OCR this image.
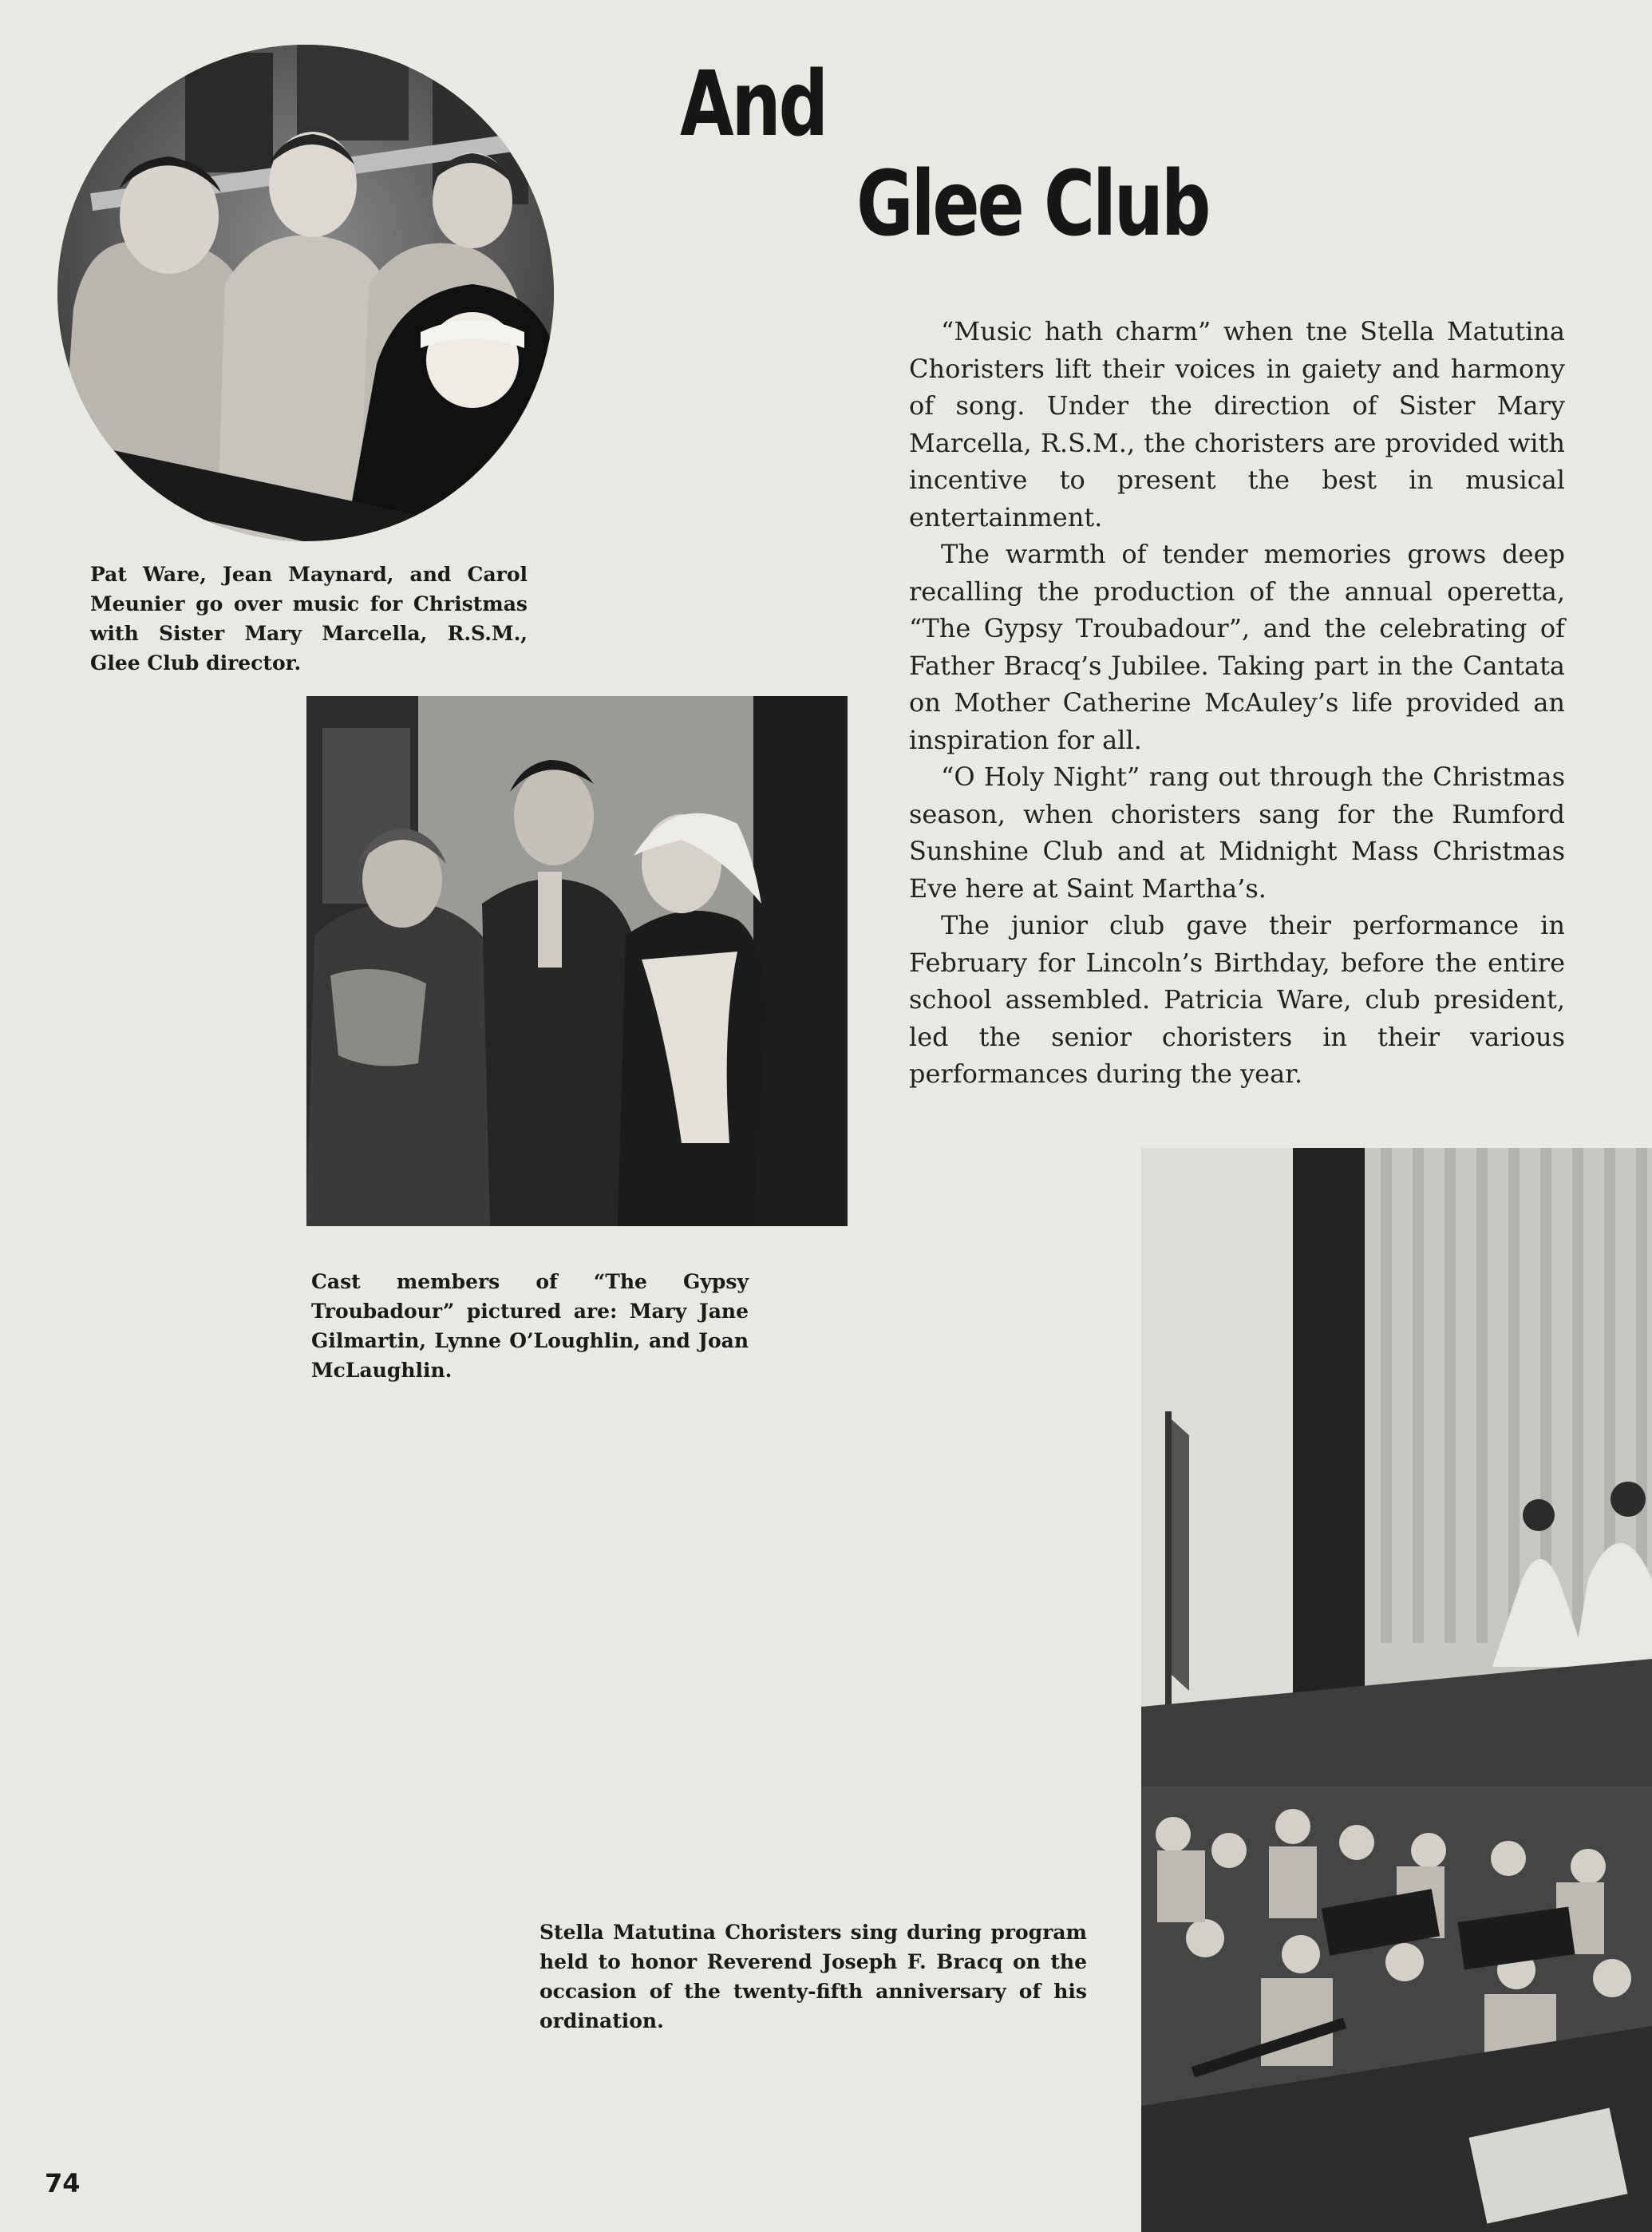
Pat Ware, Jean Maynard, and Carol Meunier go over music for Christmas with Sister Mary Marcella, R.S.M., Glee Club director.
And
Glee Club

“Music hath charm” when tne Stella Matutina Choristers lift their voices in gaiety and harmony of song. Under the direction of Sister Mary Marcella, R.S.M., the choristers are provided with incentive to present the best in musical entertainment.

The warmth of tender memories grows deep recalling the production of the annual operetta, “The Gypsy Troubadour”, and the celebrating of Father Bracq’s Jubilee. Taking part in the Cantata on Mother Catherine McAuley’s life provided an inspiration for all.

“O Holy Night” rang out through the Christmas season, when choristers sang for the Rumford Sunshine Club and at Midnight Mass Christmas Eve here at Saint Martha’s.

The junior club gave their performance in February for Lincoln’s Birthday, before the entire school assembled. Patricia Ware, club president, led the senior choristers in their various performances during the year.

Cast members of “The Gypsy Troubadour” pictured are: Mary Jane Gilmartin, Lynne O’Loughlin, and Joan McLaughlin.
Stella Matutina Choristers sing during program held to honor Reverend Joseph F. Bracq on the occasion of the twenty-fifth anniversary of his ordination.
74
